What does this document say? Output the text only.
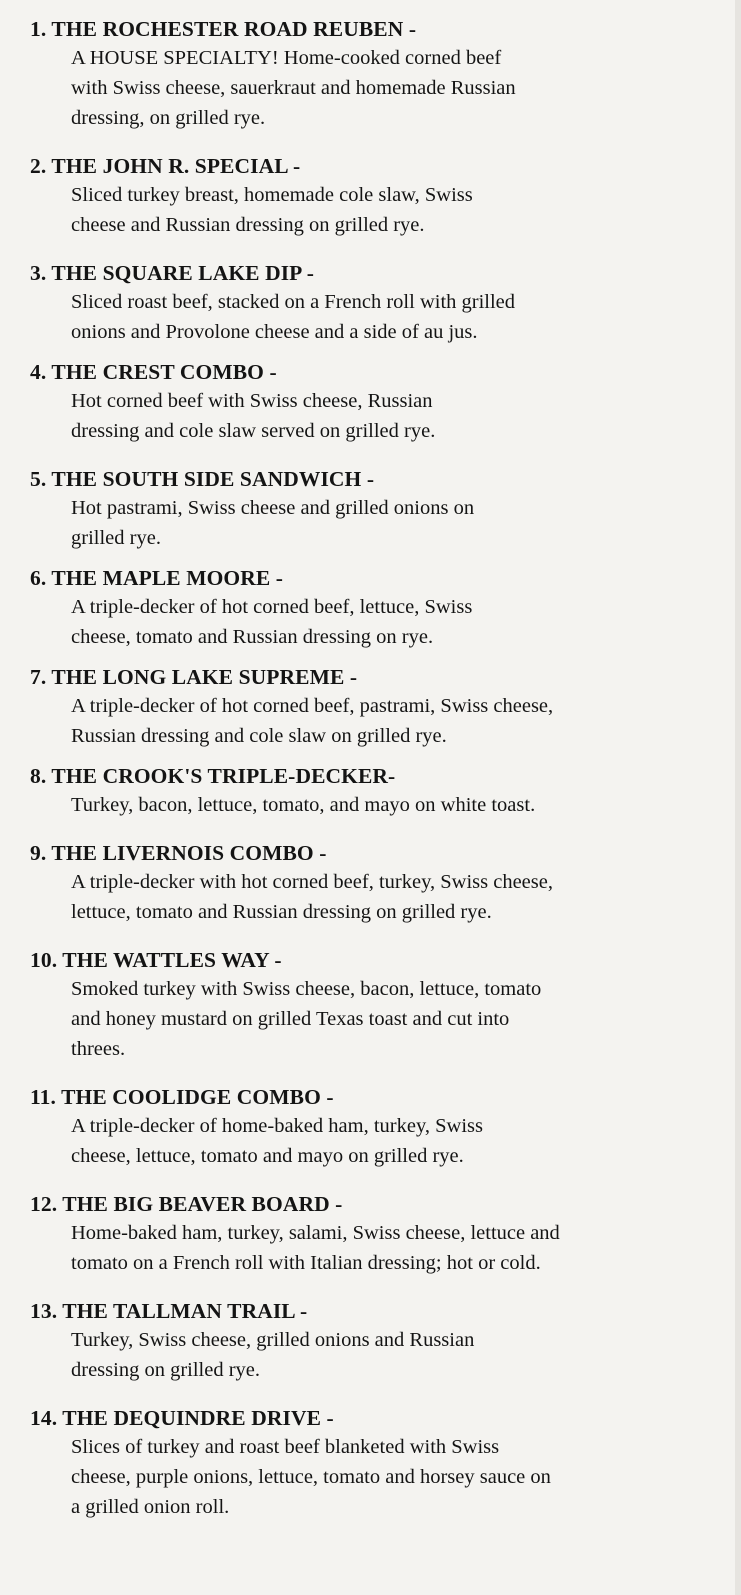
1. THE ROCHESTER ROAD REUBEN -
A HOUSE SPECIALTY! Home-cooked corned beef
with Swiss cheese, sauerkraut and homemade Russian
dressing, on grilled rye.
2. THE JOHN R. SPECIAL -
Sliced turkey breast, homemade cole slaw, Swiss
cheese and Russian dressing on grilled rye.
3. THE SQUARE LAKE DIP -
Sliced roast beef, stacked on a French roll with grilled
onions and Provolone cheese and a side of au jus.
4. THE CREST COMBO -
Hot corned beef with Swiss cheese, Russian
dressing and cole slaw served on grilled rye.
5. THE SOUTH SIDE SANDWICH -
Hot pastrami, Swiss cheese and grilled onions on
grilled rye.
6. THE MAPLE MOORE -
A triple-decker of hot corned beef, lettuce, Swiss
cheese, tomato and Russian dressing on rye.
7. THE LONG LAKE SUPREME -
A triple-decker of hot corned beef, pastrami, Swiss cheese,
Russian dressing and cole slaw on grilled rye.
8. THE CROOK'S TRIPLE-DECKER-
Turkey, bacon, lettuce, tomato, and mayo on white toast.
9. THE LIVERNOIS COMBO -
A triple-decker with hot corned beef, turkey, Swiss cheese,
lettuce, tomato and Russian dressing on grilled rye.
10. THE WATTLES WAY -
Smoked turkey with Swiss cheese, bacon, lettuce, tomato
and honey mustard on grilled Texas toast and cut into
threes.
11. THE COOLIDGE COMBO -
A triple-decker of home-baked ham, turkey, Swiss
cheese, lettuce, tomato and mayo on grilled rye.
12. THE BIG BEAVER BOARD -
Home-baked ham, turkey, salami, Swiss cheese, lettuce and
tomato on a French roll with Italian dressing; hot or cold.
13. THE TALLMAN TRAIL -
Turkey, Swiss cheese, grilled onions and Russian
dressing on grilled rye.
14. THE DEQUINDRE DRIVE -
Slices of turkey and roast beef blanketed with Swiss
cheese, purple onions, lettuce, tomato and horsey sauce on
a grilled onion roll.
